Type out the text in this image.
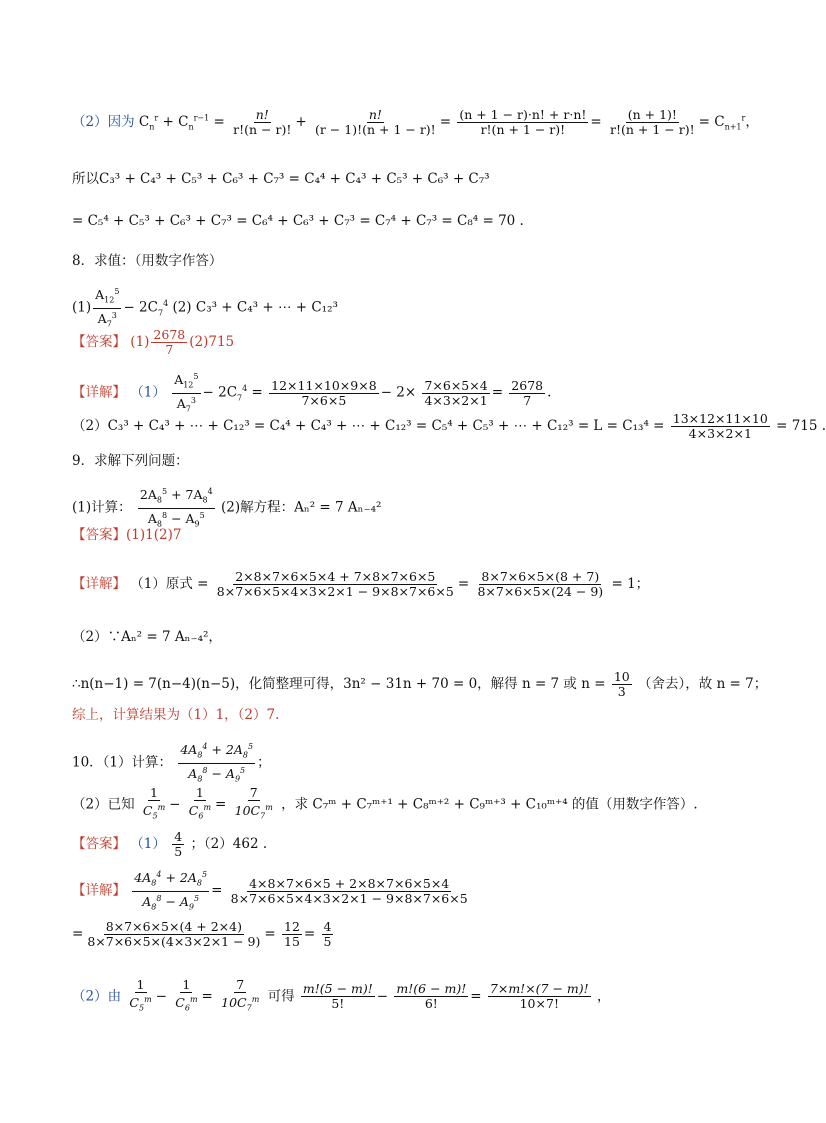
（2）因为 $C_n^r + C_n^{r-1} = \frac{n!}{r!(n - r)!} + \frac{n!}{(r - 1)!(n + 1 - r)!} = \frac{(n + 1 - r)\cdot n! + r\cdot n!}{r!(n + 1 - r)!} = \frac{(n + 1)!}{r!(n + 1 - r)!} = C_{n+1}^r$，
所以C₃³ + C₄³ + C₅³ + C₆³ + C₇³ = C₄⁴ + C₄³ + C₅³ + C₆³ + C₇³
= C₅⁴ + C₅³ + C₆³ + C₇³ = C₆⁴ + C₆³ + C₇³ = C₇⁴ + C₇³ = C₈⁴ = 70 .
8．求值：（用数字作答）
$(1) \frac{A_{12}^5}{A_7^3} - 2C_7^4$ (2) C₃³ + C₄³ + ⋯ + C₁₂³
【答案】 $(1) \frac{2678}{7} (2)715$
【详解】 $(1) \frac{A_{12}^5}{A_7^3} - 2C_7^4 = \frac{12\times 11\times 10\times 9\times 8}{7\times 6\times 5} - 2\times \frac{7\times 6\times 5\times 4}{4\times 3\times 2\times 1} = \frac{2678}{7}$ .
（2）C₃³ + C₄³ + ⋯ + C₁₂³ = C₄⁴ + C₄³ + ⋯ + C₁₂³ = C₅⁴ + C₅³ + ⋯ + $C_{12}^3 = L = C_{13}^4 = \frac{13\times 12\times 11\times 10}{4\times 3\times 2\times 1} = 715$ .
9．求解下列问题：
(1)计算： $\frac{2A_8^5 + 7A_8^4}{A_8^8 - A_9^5} (2)$解方程：Aₙ² = 7 Aₙ₋₄²
【答案】(1)1(2)7
【详解】 （1）原式 = $\frac{2\times 8\times 7\times 6\times 5\times 4 + 7\times 8\times 7\times 6\times 5}{8\times 7\times 6\times 5\times 4\times 3\times 2\times 1 - 9\times 8\times 7\times 6\times 5} = \frac{8\times 7\times 6\times 5\times(8 + 7)}{8\times 7\times 6\times 5\times(24 - 9)} = 1$；
（2）∵Aₙ² = 7 Aₙ₋₄²，
∴n(n−1) = 7(n−4)(n−5)，化简整理可得，3n² − 31n + 70 = 0，解得 n = 7 或 $n = \frac{10}{3}$ （舍去），故 n = 7；
综上，计算结果为（1）1，（2）7.
10．（1）计算： $\frac{4A_8^4 + 2A_8^5}{A_8^8 - A_9^5}$ ；
（2）已知 $\frac{1}{C_5^m} - \frac{1}{C_6^m} = \frac{7}{10C_7^m}$ ，求 C₇ᵐ + C₇ᵐ⁺¹ + C₈ᵐ⁺² + C₉ᵐ⁺³ + C₁₀ᵐ⁺⁴ 的值（用数字作答）.
【答案】 $(1) \frac{4}{5}$ ；（2）462 .
【详解】 $\frac{4A_8^4 + 2A_8^5}{A_8^8 - A_9^5} = \frac{4\times 8\times 7\times 6\times 5 + 2\times 8\times 7\times 6\times 5\times 4}{8\times 7\times 6\times 5\times 4\times 3\times 2\times 1 - 9\times 8\times 7\times 6\times 5}$
= $\frac{8\times 7\times 6\times 5\times(4 + 2\times 4)}{8\times 7\times 6\times 5\times(4\times 3\times 2\times 1 - 9)} = \frac{12}{15} = \frac{4}{5}$
（2）由 $\frac{1}{C_5^m} - \frac{1}{C_6^m} = \frac{7}{10C_7^m}$ 可得 $\frac{m!(5 - m)!}{5!} - \frac{m!(6 - m)!}{6!} = \frac{7\times m!\times(7 - m)!}{10\times 7!}$ ，
